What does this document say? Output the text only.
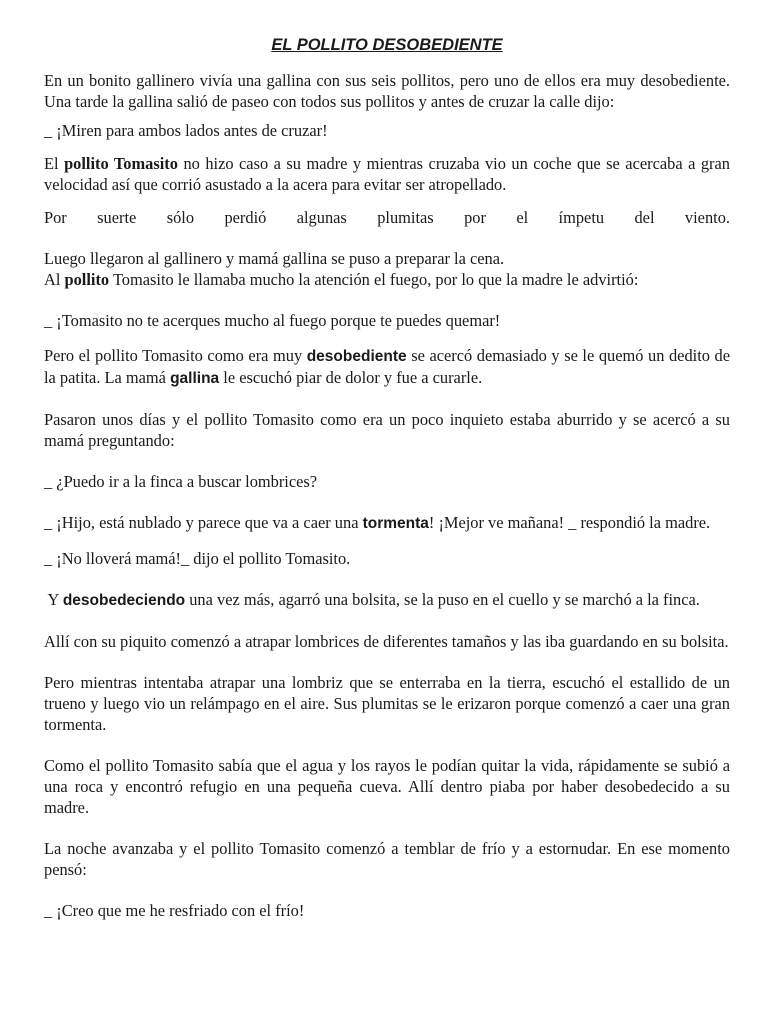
EL POLLITO DESOBEDIENTE

En un bonito gallinero vivía una gallina con sus seis pollitos, pero uno de ellos era muy desobediente. Una tarde la gallina salió de paseo con todos sus pollitos y antes de cruzar la calle dijo:

_ ¡Miren para ambos lados antes de cruzar!

El pollito Tomasito no hizo caso a su madre y mientras cruzaba vio un coche que se acercaba a gran velocidad así que corrió asustado a la acera para evitar ser atropellado.

Por suerte sólo perdió algunas plumitas por el ímpetu del viento.

Luego llegaron al gallinero y mamá gallina se puso a preparar la cena.

Al pollito Tomasito le llamaba mucho la atención el fuego, por lo que la madre le advirtió:

_ ¡Tomasito no te acerques mucho al fuego porque te puedes quemar!

Pero el pollito Tomasito como era muy desobediente se acercó demasiado y se le quemó un dedito de la patita. La mamá gallina le escuchó piar de dolor y fue a curarle.

Pasaron unos días y el pollito Tomasito como era un poco inquieto estaba aburrido y se acercó a su mamá preguntando:

_ ¿Puedo ir a la finca a buscar lombrices?

_ ¡Hijo, está nublado y parece que va a caer una tormenta! ¡Mejor ve mañana! _ respondió la madre.

_ ¡No lloverá mamá!_ dijo el pollito Tomasito.

Y desobedeciendo una vez más, agarró una bolsita, se la puso en el cuello y se marchó a la finca.

Allí con su piquito comenzó a atrapar lombrices de diferentes tamaños y las iba guardando en su bolsita.

Pero mientras intentaba atrapar una lombriz que se enterraba en la tierra, escuchó el estallido de un trueno y luego vio un relámpago en el aire. Sus plumitas se le erizaron porque comenzó a caer una gran tormenta.

Como el pollito Tomasito sabía que el agua y los rayos le podían quitar la vida, rápidamente se subió a una roca y encontró refugio en una pequeña cueva. Allí dentro piaba por haber desobedecido a su madre.

La noche avanzaba y el pollito Tomasito comenzó a temblar de frío y a estornudar. En ese momento pensó:

_ ¡Creo que me he resfriado con el frío!
